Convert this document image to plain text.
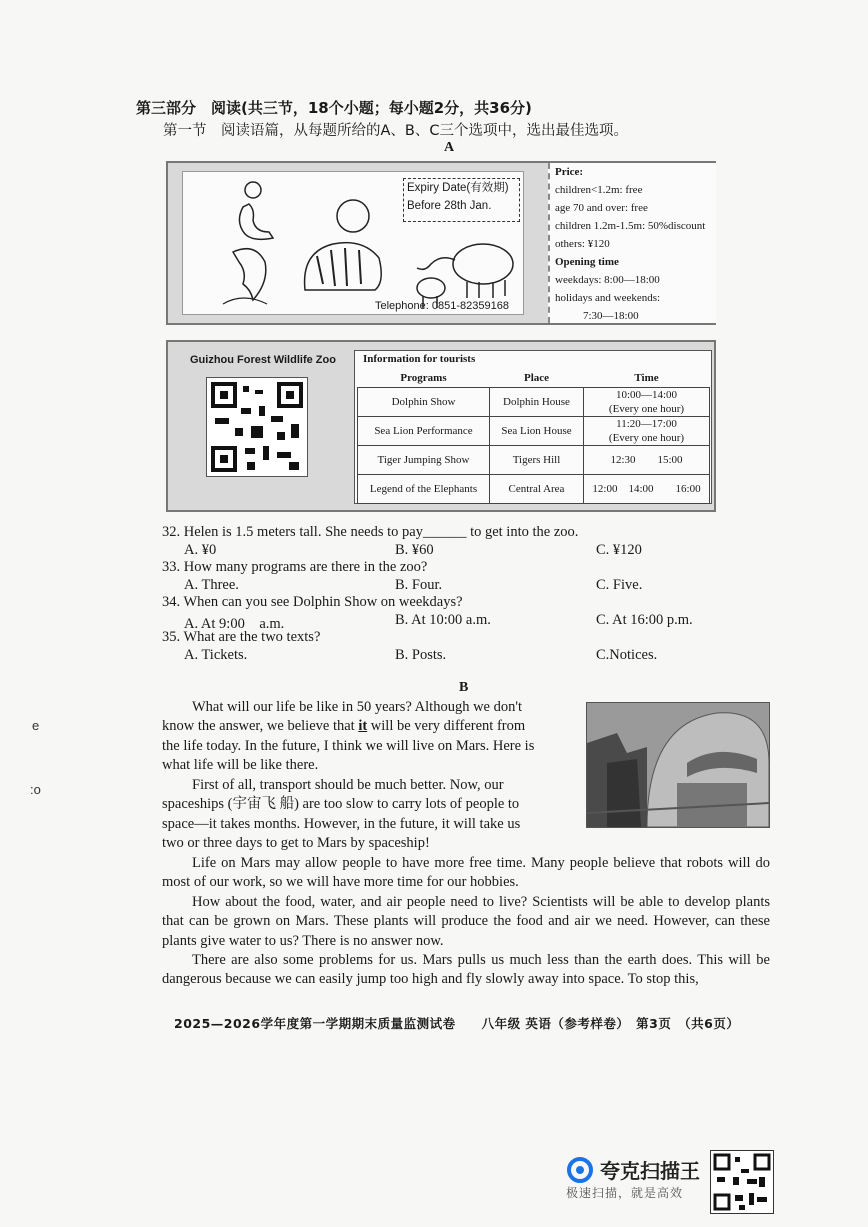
第三部分　阅读(共三节，18个小题；每小题2分，共36分)
第一节　阅读语篇，从每题所给的A、B、C三个选项中，选出最佳选项。
A
Expiry Date(有效期)
Before 28th Jan.
Telephone: 0851-82359168
Price:
children<1.2m: free
age 70 and over: free
children 1.2m-1.5m: 50%discount
others: ¥120
Opening time
weekdays: 8:00—18:00
holidays and weekends:
7:30—18:00
Guizhou Forest Wildlife Zoo Information for tourists
Programs	Place	Time
Dolphin Show	Dolphin House	10:00—14:00
(Every one hour)

Sea Lion Performance	Sea Lion House	11:20—17:00
(Every one hour)

Tiger Jumping Show	Tigers Hill	12:30　　15:00
Legend of the Elephants	Central Area	12:00　14:00　　16:00
32. Helen is 1.5 meters tall. She needs to pay______ to get into the zoo.
A. ¥0	B. ¥60	C. ¥120
33. How many programs are there in the zoo?
A. Three.	B. Four.	C. Five.
34. When can you see Dolphin Show on weekdays?
A. At 9:00　a.m.	B. At 10:00 a.m.	C. At 16:00 p.m.
35. What are the two texts?
A. Tickets.	B. Posts.	C.Notices.
B
What will our life be like in 50 years? Although we don't
know the answer, we believe that it will be very different from
the life today. In the future, I think we will live on Mars. Here is
what life will be like there.
First of all, transport should be much better. Now, our
spaceships (宇宙飞 船) are too slow to carry lots of people to
space—it takes months. However, in the future, it will take us
two or three days to get to Mars by spaceship!
Life on Mars may allow people to have more free time. Many people believe that robots will do most of our work, so we will have more time for our hobbies.
How about the food, water, and air people need to live? Scientists will be able to develop plants that can be grown on Mars. These plants will produce the food and air we need. However, can these plants give water to us? There is no answer now.
There are also some problems for us. Mars pulls us much less than the earth does. This will be dangerous because we can easily jump too high and fly slowly away into space. To stop this,
2025—2026学年度第一学期期末质量监测试卷　　八年级 英语（参考样卷）　第3页　（共6页）
e
:o
夸克扫描王
极速扫描，就是高效
